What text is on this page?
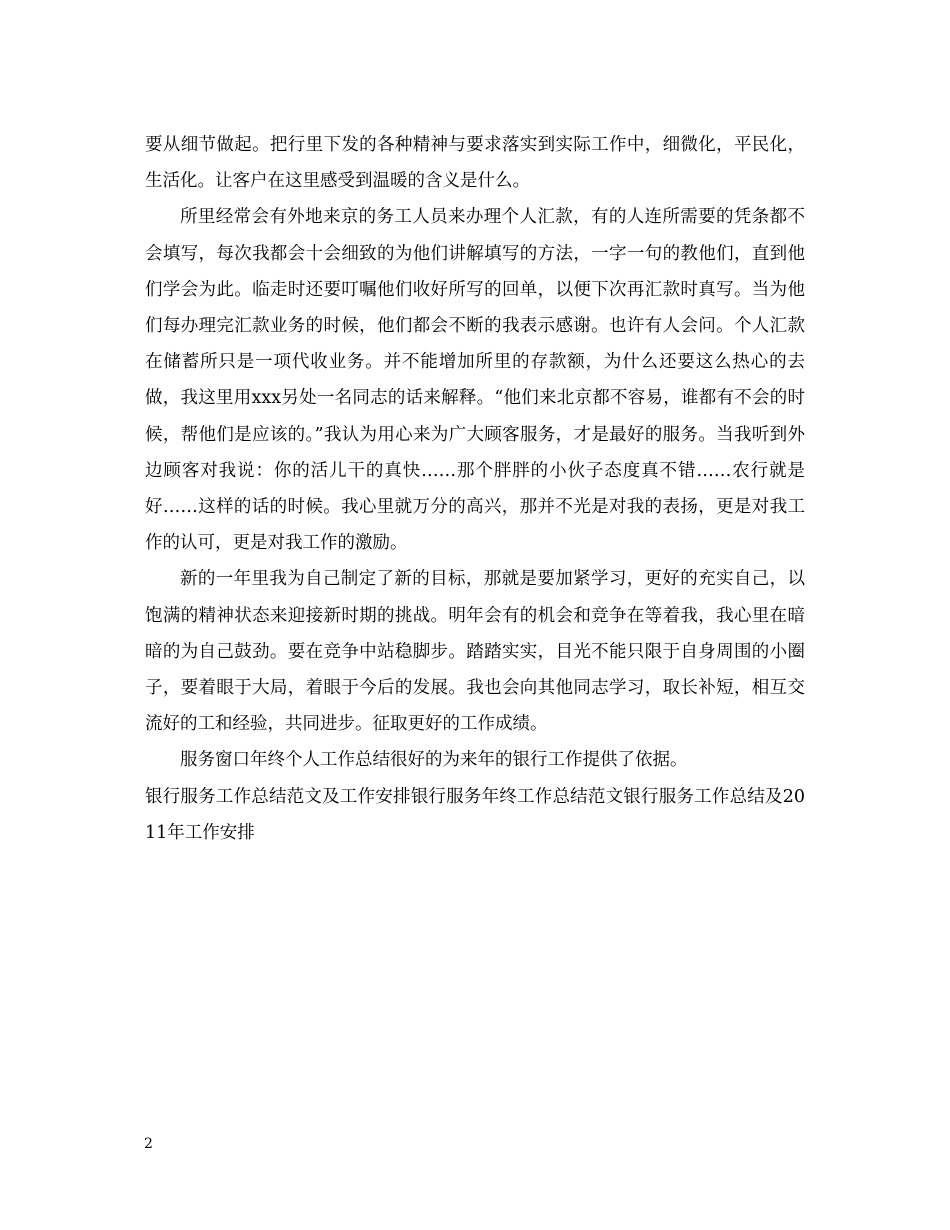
要从细节做起。把行里下发的各种精神与要求落实到实际工作中，细微化，平民化，生活化。让客户在这里感受到温暖的含义是什么。

所里经常会有外地来京的务工人员来办理个人汇款，有的人连所需要的凭条都不会填写，每次我都会十会细致的为他们讲解填写的方法，一字一句的教他们，直到他们学会为此。临走时还要叮嘱他们收好所写的回单，以便下次再汇款时真写。当为他们每办理完汇款业务的时候，他们都会不断的我表示感谢。也许有人会问。个人汇款在储蓄所只是一项代收业务。并不能增加所里的存款额，为什么还要这么热心的去做，我这里用xxx另处一名同志的话来解释。“他们来北京都不容易，谁都有不会的时候，帮他们是应该的。”我认为用心来为广大顾客服务，才是最好的服务。当我听到外边顾客对我说：你的活儿干的真快……那个胖胖的小伙子态度真不错……农行就是好……这样的话的时候。我心里就万分的高兴，那并不光是对我的表扬，更是对我工作的认可，更是对我工作的激励。

新的一年里我为自己制定了新的目标，那就是要加紧学习，更好的充实自己，以饱满的精神状态来迎接新时期的挑战。明年会有的机会和竞争在等着我，我心里在暗暗的为自己鼓劲。要在竞争中站稳脚步。踏踏实实，目光不能只限于自身周围的小圈子，要着眼于大局，着眼于今后的发展。我也会向其他同志学习，取长补短，相互交流好的工和经验，共同进步。征取更好的工作成绩。

服务窗口年终个人工作总结很好的为来年的银行工作提供了依据。

银行服务工作总结范文及工作安排银行服务年终工作总结范文银行服务工作总结及2011年工作安排

2
